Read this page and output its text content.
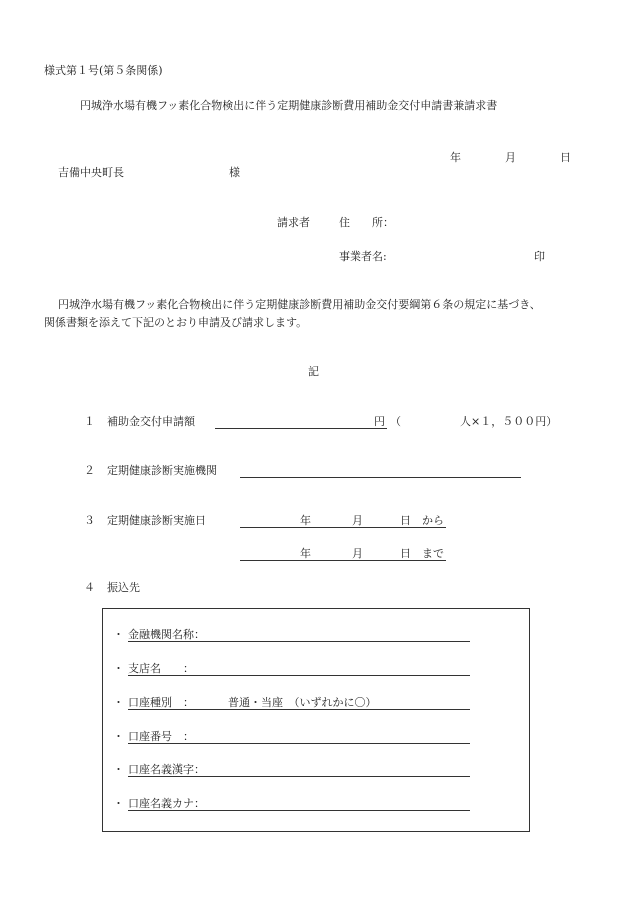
様式第１号(第５条関係)
円城浄水場有機フッ素化合物検出に伴う定期健康診断費用補助金交付申請書兼請求書
年	月	日
吉備中央町長	様
請求者	住　　所：
事業者名:	印
円城浄水場有機フッ素化合物検出に伴う定期健康診断費用補助金交付要綱第６条の規定に基づき、
関係書類を添えて下記のとおり申請及び請求します。
記
１ 補助金交付申請額	円 （	人×１，５００円）
２ 定期健康診断実施機関
３ 定期健康診断実施日	年	月	日 から
年	月	日 まで
４ 振込先
・ 金融機関名称：
・ 支店名　　：
・ 口座種別　：	普通・当座　（いずれかに〇）
・ 口座番号　：
・ 口座名義漢字：
・ 口座名義カナ：
